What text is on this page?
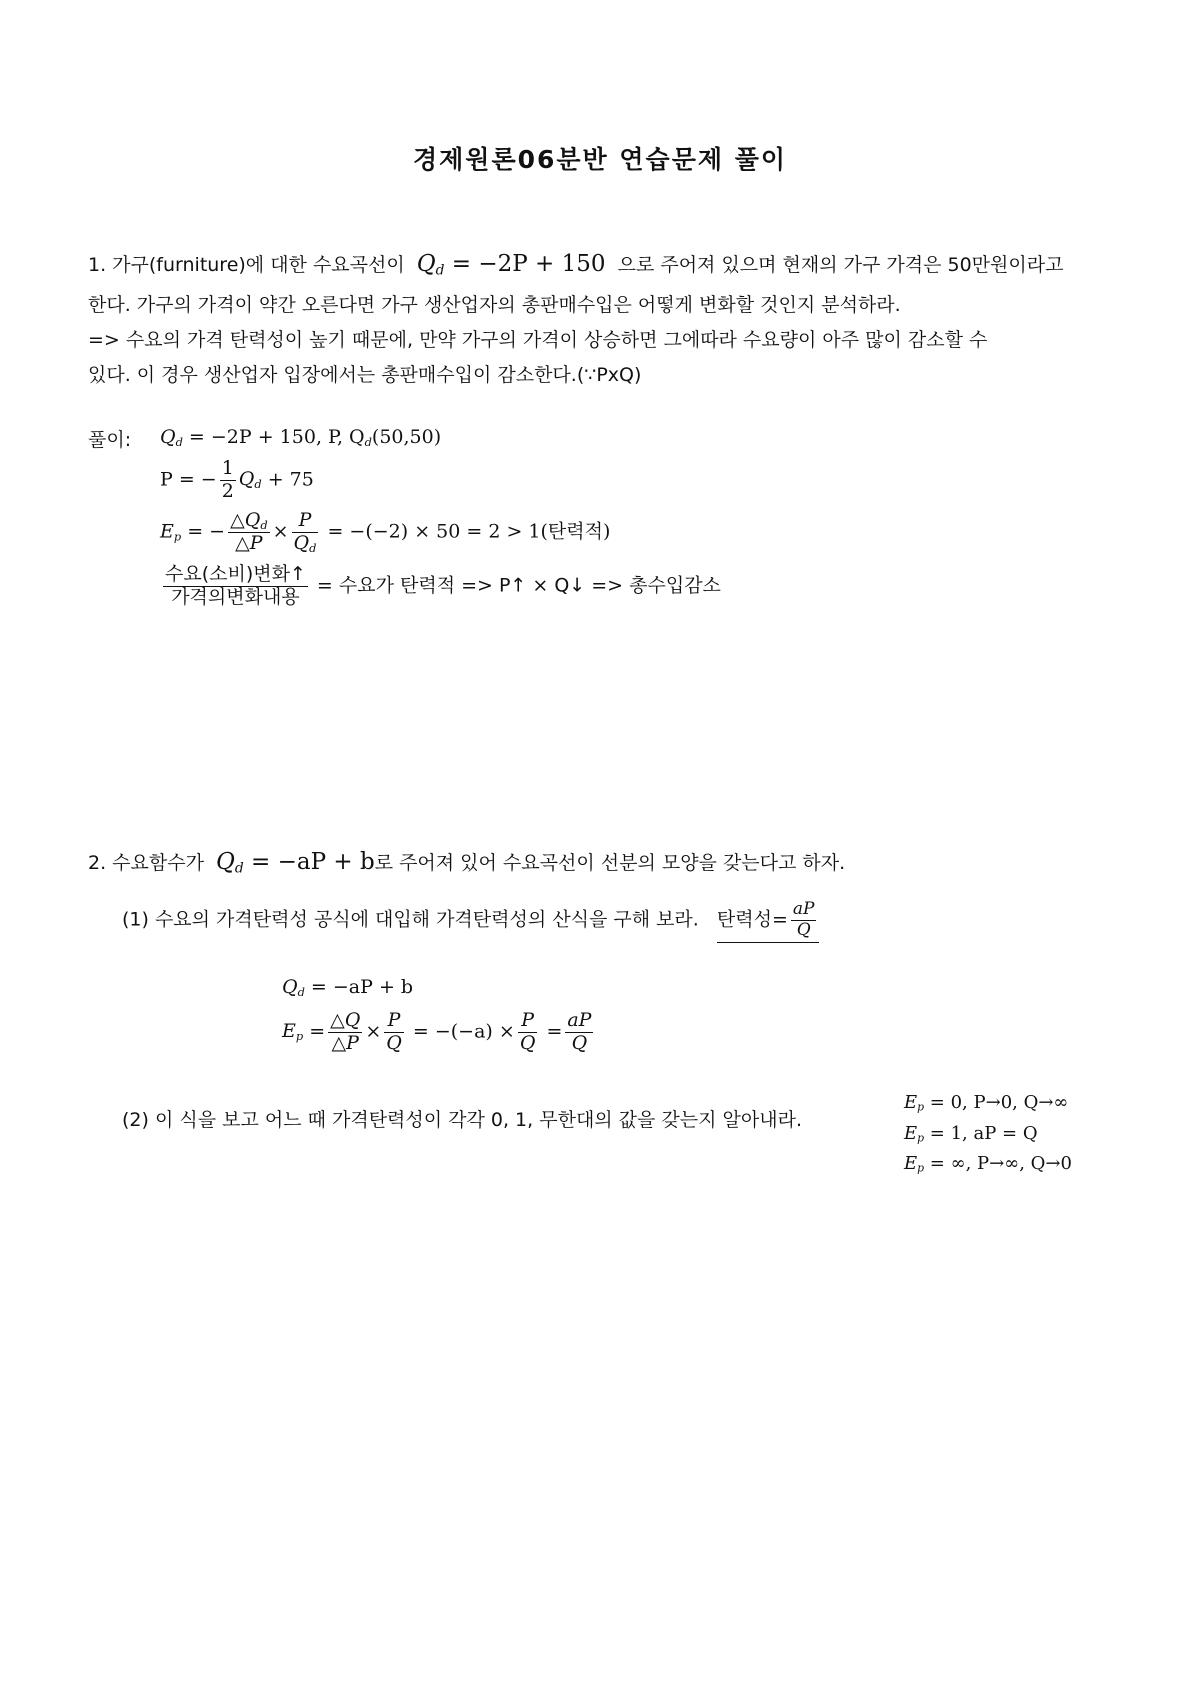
경제원론06분반 연습문제 풀이
1. 가구(furniture)에 대한 수요곡선이 $Q_d = -2P + 150$ 으로 주어져 있으며 현재의 가구 가격은 50만원이라고
한다. 가구의 가격이 약간 오른다면 가구 생산업자의 총판매수입은 어떻게 변화할 것인지 분석하라.
=> 수요의 가격 탄력성이 높기 때문에, 만약 가구의 가격이 상승하면 그에따라 수요량이 아주 많이 감소할 수
있다. 이 경우 생산업자 입장에서는 총판매수입이 감소한다.(∵PxQ)
풀이: $Q_d = -2P + 150$, P, $Q_d(50,50)$
P = − $\frac{1}{2} Q_d + 75$
$E_p$ = − $\frac{\triangle Q_d}{\triangle P} \times \frac{P}{Q_d} = -(-2) \times 50 = 2 > 1$(탄력적)
$\frac{\text{수요(소비)변화↑}}{\text{가격의변화내용}}$ = 수요가 탄력적 => P↑ × Q↓ => 총수입감소
2. 수요함수가 $Q_d = -aP + b$로 주어져 있어 수요곡선이 선분의 모양을 갖는다고 하자.
(1) 수요의 가격탄력성 공식에 대입해 가격탄력성의 산식을 구해 보라. 탄력성= $\frac{aP}{Q}$
$Q_d = -aP + b$
$E_p = \frac{\triangle Q}{\triangle P} \times \frac{P}{Q} = -(-a) \times \frac{P}{Q} = \frac{aP}{Q}$
(2) 이 식을 보고 어느 때 가격탄력성이 각각 0, 1, 무한대의 값을 갖는지 알아내라.
$E_p = 0$, P→0, Q→∞
$E_p = 1$, aP = Q
$E_p$ = ∞, P→∞, Q→0
